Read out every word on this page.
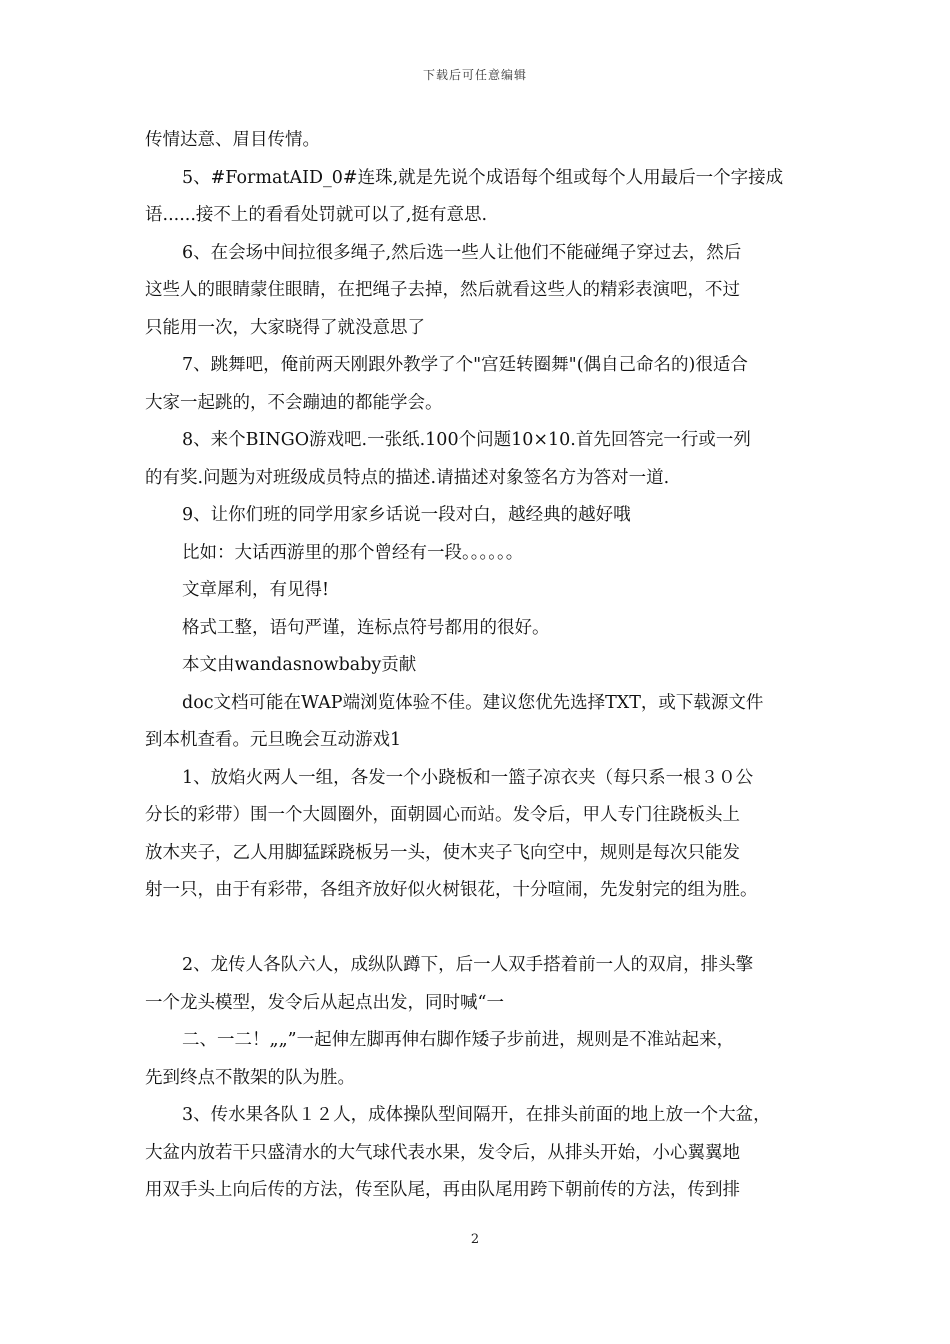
下载后可任意编辑
传情达意、眉目传情。
5、#FormatAID_0#连珠,就是先说个成语每个组或每个人用最后一个字接成
语......接不上的看看处罚就可以了,挺有意思.
6、在会场中间拉很多绳子,然后选一些人让他们不能碰绳子穿过去，然后
这些人的眼睛蒙住眼睛，在把绳子去掉，然后就看这些人的精彩表演吧，不过
只能用一次，大家晓得了就没意思了
7、跳舞吧，俺前两天刚跟外教学了个"宫廷转圈舞"(偶自己命名的)很适合
大家一起跳的，不会蹦迪的都能学会。
8、来个BINGO游戏吧.一张纸.100个问题10×10.首先回答完一行或一列
的有奖.问题为对班级成员特点的描述.请描述对象签名方为答对一道.
9、让你们班的同学用家乡话说一段对白，越经典的越好哦
比如：大话西游里的那个曾经有一段。。。。。。
文章犀利，有见得!
格式工整，语句严谨，连标点符号都用的很好。
本文由wandasnowbaby贡献
doc文档可能在WAP端浏览体验不佳。建议您优先选择TXT，或下载源文件
到本机查看。元旦晚会互动游戏1
1、放焰火两人一组，各发一个小跷板和一篮子凉衣夹（每只系一根３０公
分长的彩带）围一个大圆圈外，面朝圆心而站。发令后，甲人专门往跷板头上
放木夹子，乙人用脚猛踩跷板另一头，使木夹子飞向空中，规则是每次只能发
射一只，由于有彩带，各组齐放好似火树银花，十分喧闹，先发射完的组为胜。
2、龙传人各队六人，成纵队蹲下，后一人双手搭着前一人的双肩，排头擎
一个龙头模型，发令后从起点出发，同时喊“一
二、一二！„„”一起伸左脚再伸右脚作矮子步前进，规则是不准站起来，
先到终点不散架的队为胜。
3、传水果各队１２人，成体操队型间隔开，在排头前面的地上放一个大盆，
大盆内放若干只盛清水的大气球代表水果，发令后，从排头开始，小心翼翼地
用双手头上向后传的方法，传至队尾，再由队尾用跨下朝前传的方法，传到排
2
